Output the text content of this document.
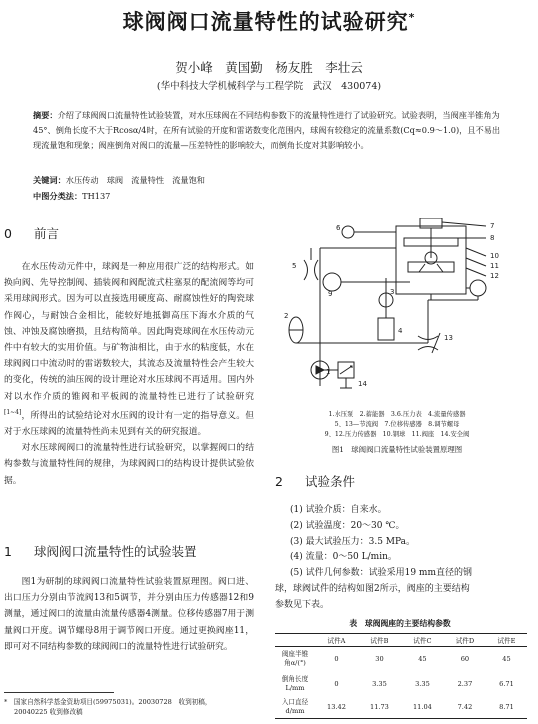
球阀阀口流量特性的试验研究*
贺小峰　黄国勤　杨友胜　李壮云
(华中科技大学机械科学与工程学院　武汉　430074)
摘要：介绍了球阀阀口流量特性试验装置，对水压球阀在不同结构参数下的流量特性进行了试验研究。试验表明，当阀座半锥角为45°、倒角长度不大于Rcosα/4时，在所有试验的开度和雷诺数变化范围内，球阀有较稳定的流量系数(Cq≈0.9～1.0)，且不易出现流量饱和现象；阀座倒角对阀口的流量—压差特性的影响较大，而倒角长度对其影响较小。
关键词：水压传动　球阀　流量特性　流量饱和
中图分类法：TH137
0 前言

在水压传动元件中，球阀是一种应用很广泛的结构形式。如换向阀、先导控制阀、插装阀和阀配流式柱塞泵的配流阀等均可采用球阀形式。因为可以直接选用硬度高、耐腐蚀性好的陶瓷球作阀心，与耐蚀合金相比，能较好地抵御高压下海水介质的气蚀、冲蚀及腐蚀磨损，且结构简单。因此陶瓷球阀在水压传动元件中有较大的实用价值。与矿物油相比，由于水的粘度低，水在球阀阀口中流动时的雷诺数较大，其流态及流量特性会产生较大的变化，传统的油压阀的设计理论对水压球阀不再适用。国内外对以水作介质的锥阀和平板阀的流量特性已进行了试验研究[1~4]，所得出的试验结论对水压阀的设计有一定的指导意义。但对于水压球阀的流量特性尚未见到有关的研究报道。

对水压球阀阀口的流量特性进行试验研究，以掌握阀口的结构参数与流量特性间的规律，为球阀阀口的结构设计提供试验依据。

1 球阀阀口流量特性的试验装置

图1为研制的球阀阀口流量特性试验装置原理图。阀口进、出口压力分别由节流阀13和5调节，并分别由压力传感器12和9测量，通过阀口的流量由流量传感器4测量。位移传感器7用于测量阀口开度。调节螺母8用于调节阀口开度。通过更换阀座11，即可对不同结构参数的球阀阀口的流量特性进行试验研究。

1
2
3
4
5
6	7
8
9
10
11
12
13
14
1.水压泵　2.蓄能器　3.6.压力表　4.流量传感器
5、13—节流阀　7.位移传感器　8.调节螺母
9、12.压力传感器　10.钢球　11.阀座　14.安全阀
图1　球阀阀口流量特性试验装置原理图
2 试验条件
(1) 试验介质：自来水。
(2) 试验温度：20～30 ℃。
(3) 最大试验压力：3.5 MPa。
(4) 流量：0～50 L/min。
(5) 试件几何参数：试验采用19 mm直径的钢
球，球阀试件的结构如图2所示，阀座的主要结构
参数见下表。
表　球阀阀座的主要结构参数
	试件A	试件B	试件C	试件D	试件E

阀座半锥
角α/(°)	0	30	45	60	45

倒角长度
L/mm	0	3.35	3.35	2.37	6.71

入口直径
d/mm	13.42	11.73	11.04	7.42	8.71
*　 国家自然科学基金资助项目(59975031)。20030728　收到初稿，
20040225 收到修改稿
